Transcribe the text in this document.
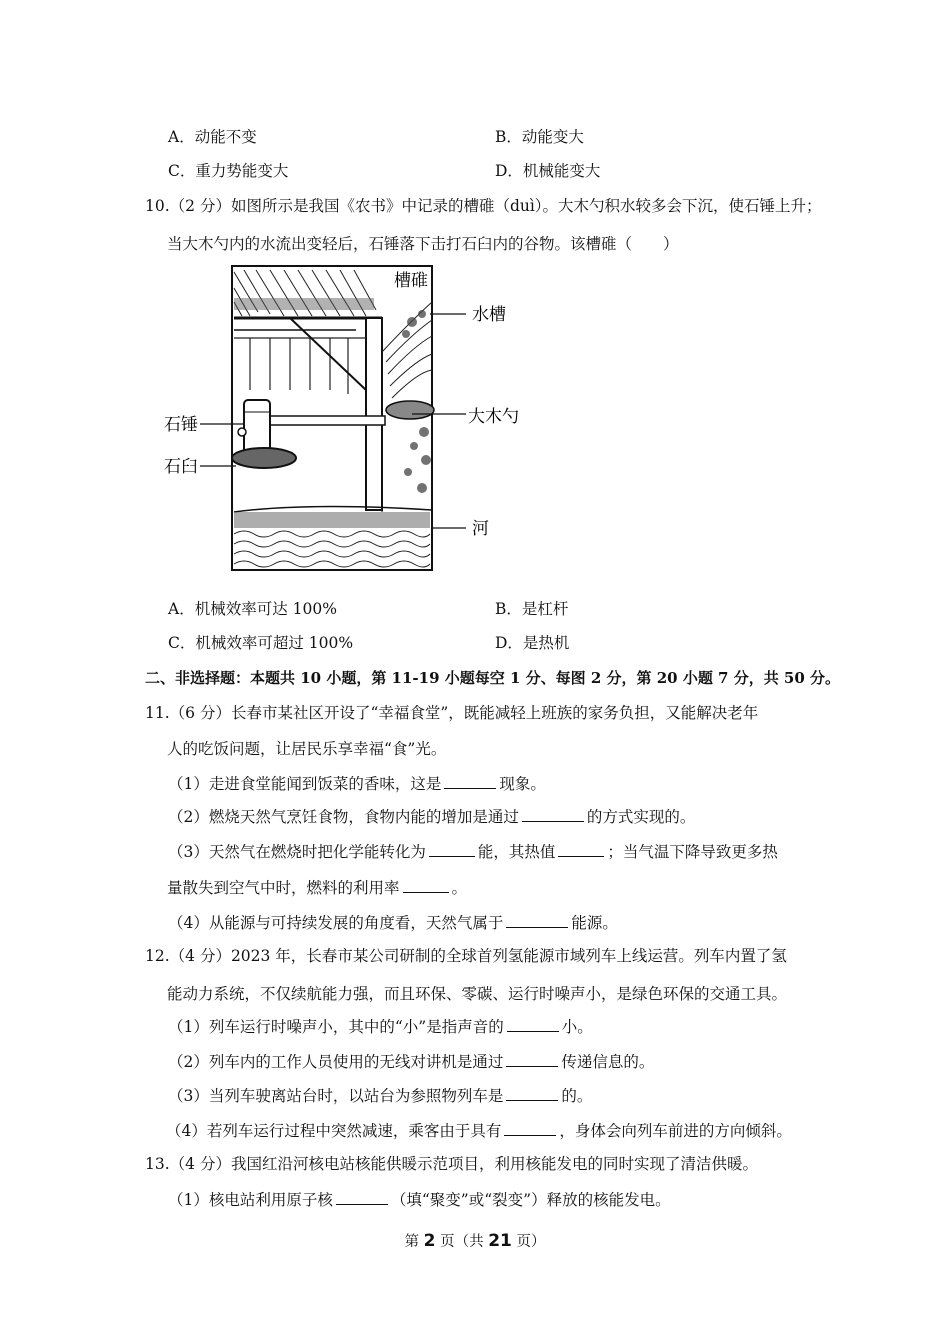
A．动能不变	B．动能变大
C．重力势能变大	D．机械能变大
10.（2 分）如图所示是我国《农书》中记录的槽碓（duì）。大木勺积水较多会下沉，使石锤上升；
当大木勺内的水流出变轻后，石锤落下击打石臼内的谷物。该槽碓（　　）
槽碓
水槽
大木勺
石锤
石臼
河
A．机械效率可达 100%	B．是杠杆
C．机械效率可超过 100%	D．是热机
二、非选择题：本题共 10 小题，第 11-19 小题每空 1 分、每图 2 分，第 20 小题 7 分，共 50 分。
11.（6 分）长春市某社区开设了“幸福食堂”，既能减轻上班族的家务负担，又能解决老年
人的吃饭问题，让居民乐享幸福“食”光。
（1）走进食堂能闻到饭菜的香味，这是	现象。
（2）燃烧天然气烹饪食物，食物内能的增加是通过	的方式实现的。
（3）天然气在燃烧时把化学能转化为	能，其热值	；当气温下降导致更多热
量散失到空气中时，燃料的利用率	。
（4）从能源与可持续发展的角度看，天然气属于	能源。
12.（4 分）2023 年，长春市某公司研制的全球首列氢能源市域列车上线运营。列车内置了氢
能动力系统，不仅续航能力强，而且环保、零碳、运行时噪声小，是绿色环保的交通工具。
（1）列车运行时噪声小，其中的“小”是指声音的	小。
（2）列车内的工作人员使用的无线对讲机是通过	传递信息的。
（3）当列车驶离站台时，以站台为参照物列车是	的。
（4）若列车运行过程中突然减速，乘客由于具有	，身体会向列车前进的方向倾斜。
13.（4 分）我国红沿河核电站核能供暖示范项目，利用核能发电的同时实现了清洁供暖。
（1）核电站利用原子核	（填“聚变”或“裂变”）释放的核能发电。
第 2 页（共 21 页）
